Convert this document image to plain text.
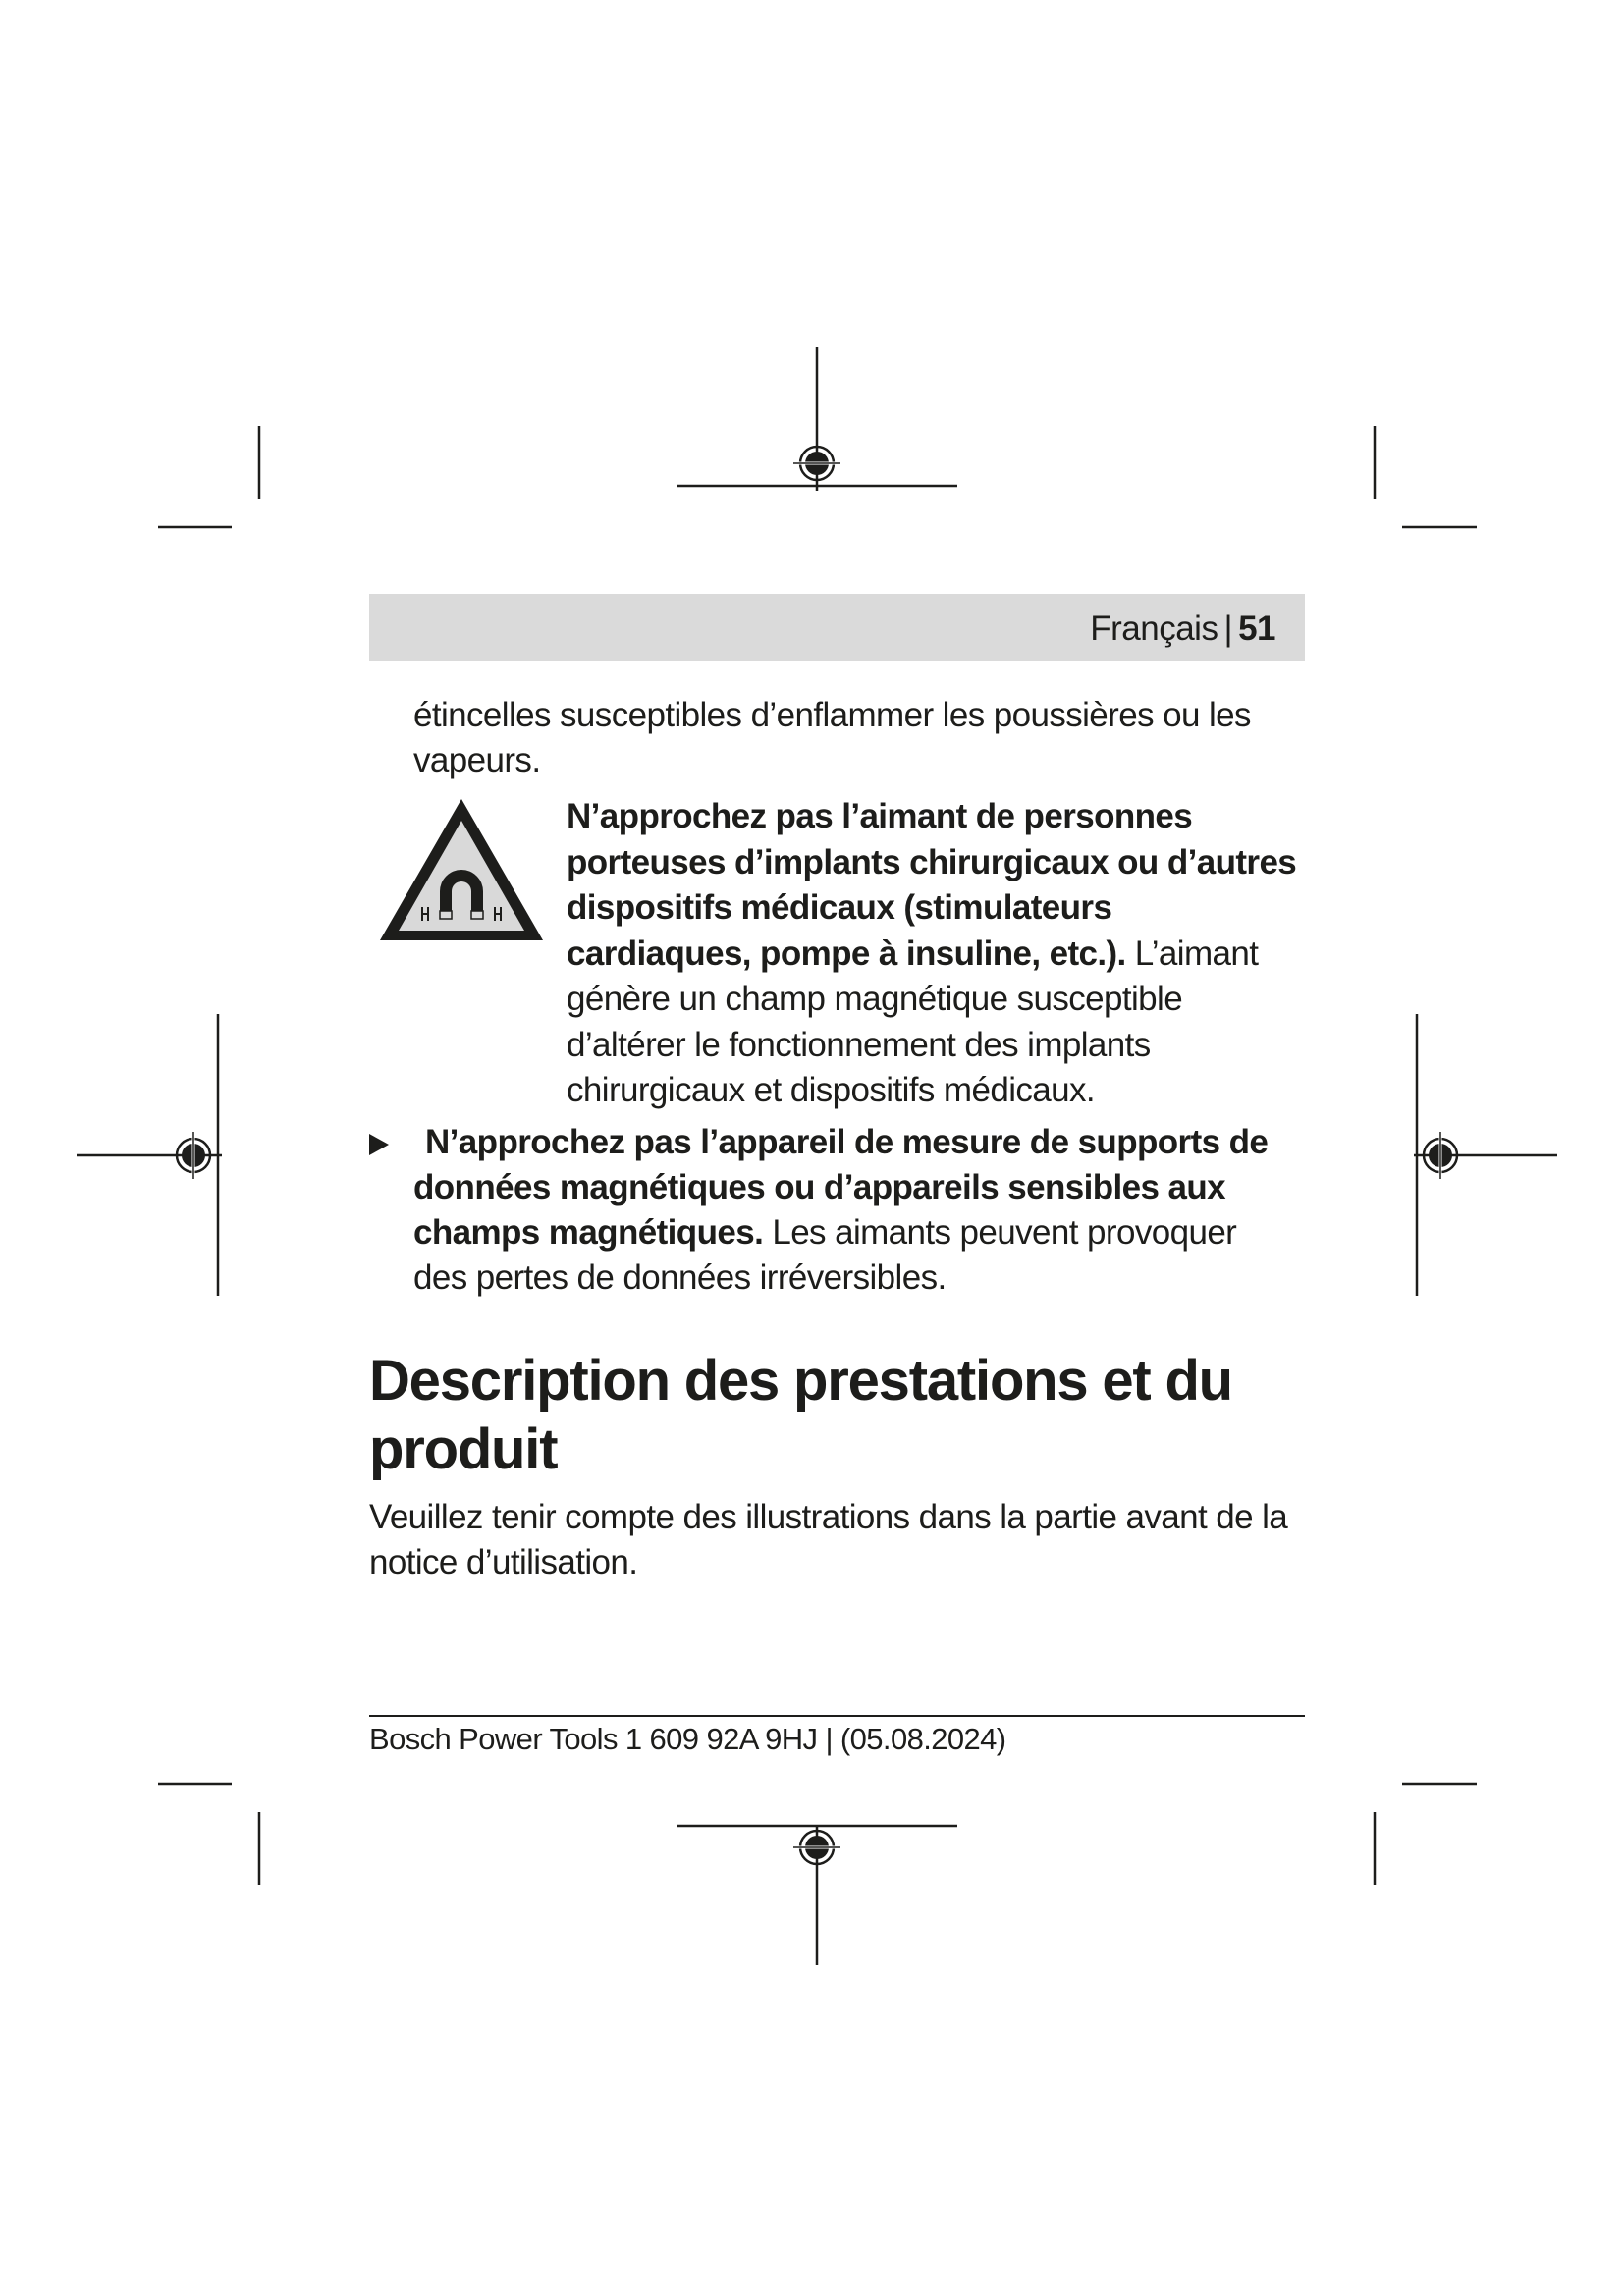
Français | 51
étincelles susceptibles d’enflammer les poussières ou les vapeurs.
N’approchez pas l’aimant de personnes porteuses d’implants chirurgicaux ou d’autres dispositifs médicaux (stimulateurs cardiaques, pompe à insuline, etc.). L’aimant génère un champ magnétique susceptible d’altérer le fonctionnement des implants chirurgicaux et dispositifs médicaux.
N’approchez pas l’appareil de mesure de supports de données magnétiques ou d’appareils sensibles aux champs magnétiques. Les aimants peuvent provoquer des pertes de données irréversibles.
Description des prestations et du produit
Veuillez tenir compte des illustrations dans la partie avant de la notice d’utilisation.
Bosch Power Tools 1 609 92A 9HJ | (05.08.2024)
